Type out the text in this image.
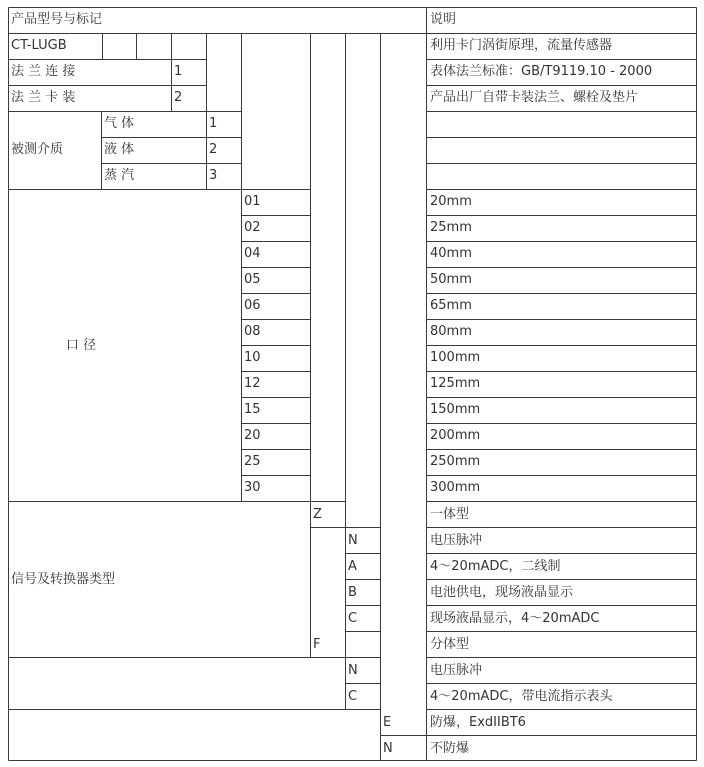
产品型号与标记	说明
CT-LUGB	利用卡门涡街原理，流量传感器
法 兰 连 接	1	表体法兰标准：GB/T9119.10 - 2000
法 兰 卡 装	2	产品出厂自带卡装法兰、螺栓及垫片
被测介质
气 体	1
液 体	2
蒸 汽	3
口 径
01	20mm
02	25mm
04	40mm
05	50mm
06	65mm
08	80mm
10	100mm
12	125mm
15	150mm
20	200mm
25	250mm
30	300mm
信号及转换器类型
Z	一体型
N	电压脉冲
A	4～20mADC，二线制
B	电池供电，现场液晶显示
C	现场液晶显示，4～20mADC
F	分体型
N	电压脉冲
C	4～20mADC，带电流指示表头
E	防爆，ExdIIBT6
N	不防爆
